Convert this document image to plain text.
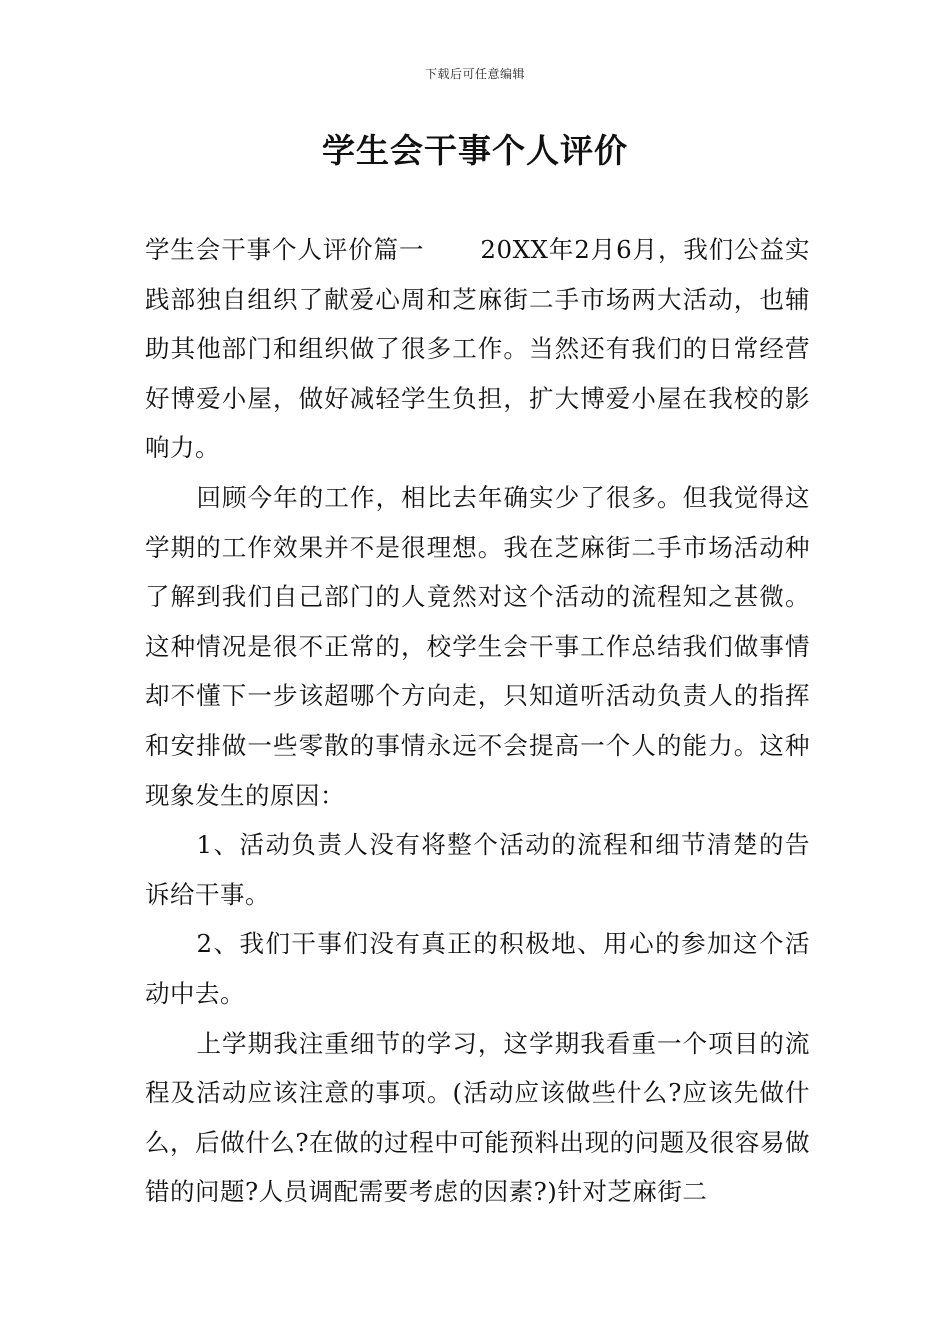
下载后可任意编辑
学生会干事个人评价

学生会干事个人评价篇一 20XX年2月6月，我们公益实践部独自组织了献爱心周和芝麻街二手市场两大活动，也辅助其他部门和组织做了很多工作。当然还有我们的日常经营好博爱小屋，做好减轻学生负担，扩大博爱小屋在我校的影响力。

回顾今年的工作，相比去年确实少了很多。但我觉得这学期的工作效果并不是很理想。我在芝麻街二手市场活动种了解到我们自己部门的人竟然对这个活动的流程知之甚微。这种情况是很不正常的，校学生会干事工作总结我们做事情却不懂下一步该超哪个方向走，只知道听活动负责人的指挥和安排做一些零散的事情永远不会提高一个人的能力。这种现象发生的原因：

1、活动负责人没有将整个活动的流程和细节清楚的告诉给干事。

2、我们干事们没有真正的积极地、用心的参加这个活动中去。

上学期我注重细节的学习，这学期我看重一个项目的流程及活动应该注意的事项。(活动应该做些什么?应该先做什么，后做什么?在做的过程中可能预料出现的问题及很容易做错的问题?人员调配需要考虑的因素?)针对芝麻街二
